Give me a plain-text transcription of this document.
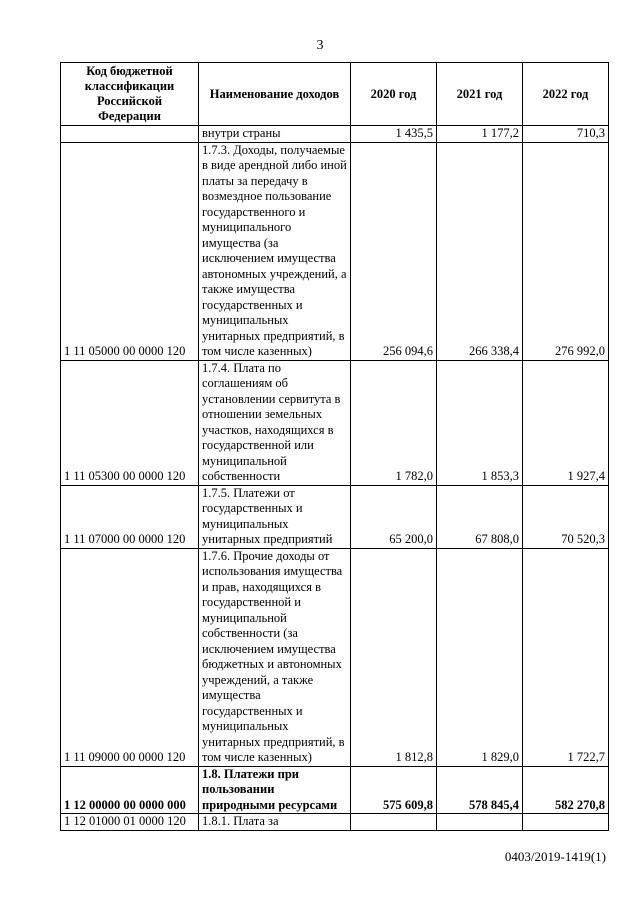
3
Код бюджетной классификации Российской Федерации	Наименование доходов	2020 год	2021 год	2022 год
	внутри страны	1 435,5	1 177,2	710,3
1 11 05000 00 0000 120	1.7.3. Доходы, получаемые в виде арендной либо иной платы за передачу в возмездное пользование государственного и муниципального имущества (за исключением имущества автономных учреждений, а также имущества государственных и муниципальных унитарных предприятий, в том числе казенных)	256 094,6	266 338,4	276 992,0
1 11 05300 00 0000 120	1.7.4. Плата по соглашениям об установлении сервитута в отношении земельных участков, находящихся в государственной или муниципальной собственности	1 782,0	1 853,3	1 927,4
1 11 07000 00 0000 120	1.7.5. Платежи от государственных и муниципальных унитарных предприятий	65 200,0	67 808,0	70 520,3
1 11 09000 00 0000 120	1.7.6. Прочие доходы от использования имущества и прав, находящихся в государственной и муниципальной собственности (за исключением имущества бюджетных и автономных учреждений, а также имущества государственных и муниципальных унитарных предприятий, в том числе казенных)	1 812,8	1 829,0	1 722,7
1 12 00000 00 0000 000	1.8. Платежи при пользовании природными ресурсами	575 609,8	578 845,4	582 270,8
1 12 01000 01 0000 120	1.8.1. Плата за			
0403/2019-1419(1)
